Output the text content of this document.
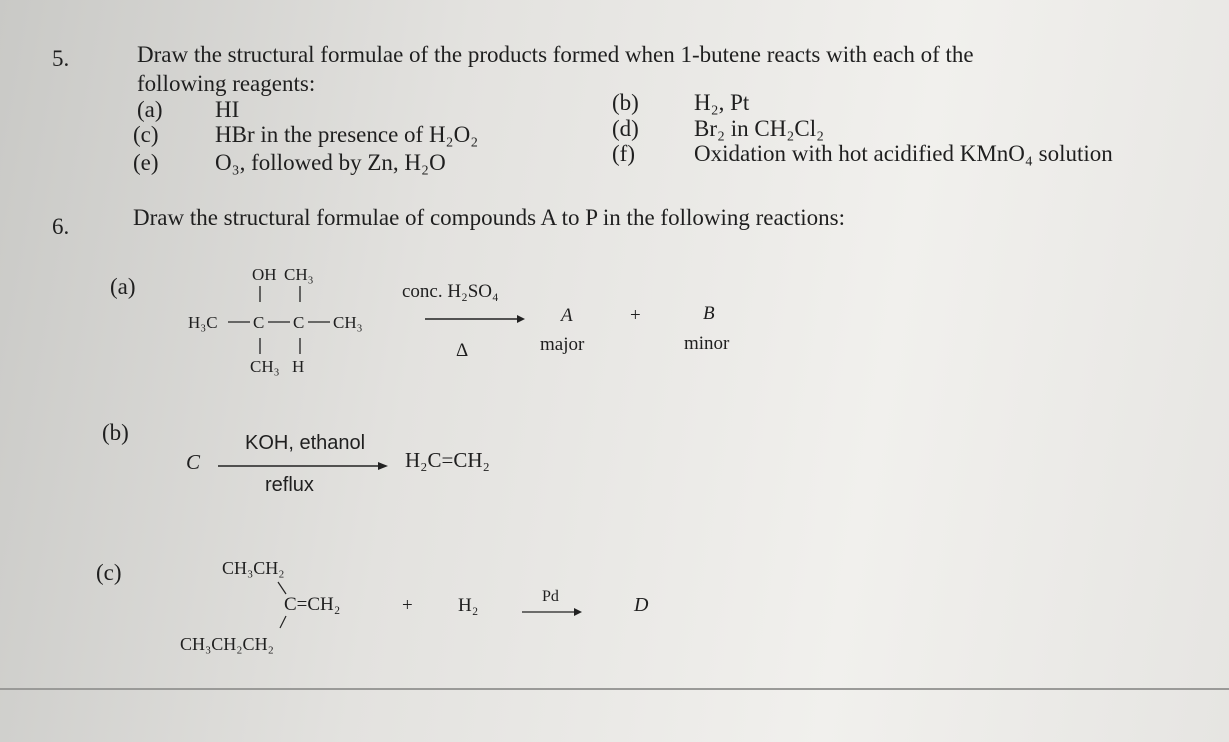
5.	Draw the structural formulae of the products formed when 1-butene reacts with each of the
following reagents:
(a) HI	(b) H₂, Pt
(c) HBr in the presence of H₂O₂	(d) Br₂ in CH₂Cl₂
(e) O₃, followed by Zn, H₂O	(f)	Oxidation with hot acidified KMnO₄ solution
6.	Draw the structural formulae of compounds A to P in the following reactions:
(a)	OH CH₃
H₃C C C CH₃
CH₃ H
conc. H₂SO₄
Δ
A	+	B
major	minor
(b)
C
KOH, ethanol
reflux
H₂C=CH₂
(c)	CH₃CH₂
C=CH₂
CH₃CH₂CH₂
+ H₂	Pd	D
